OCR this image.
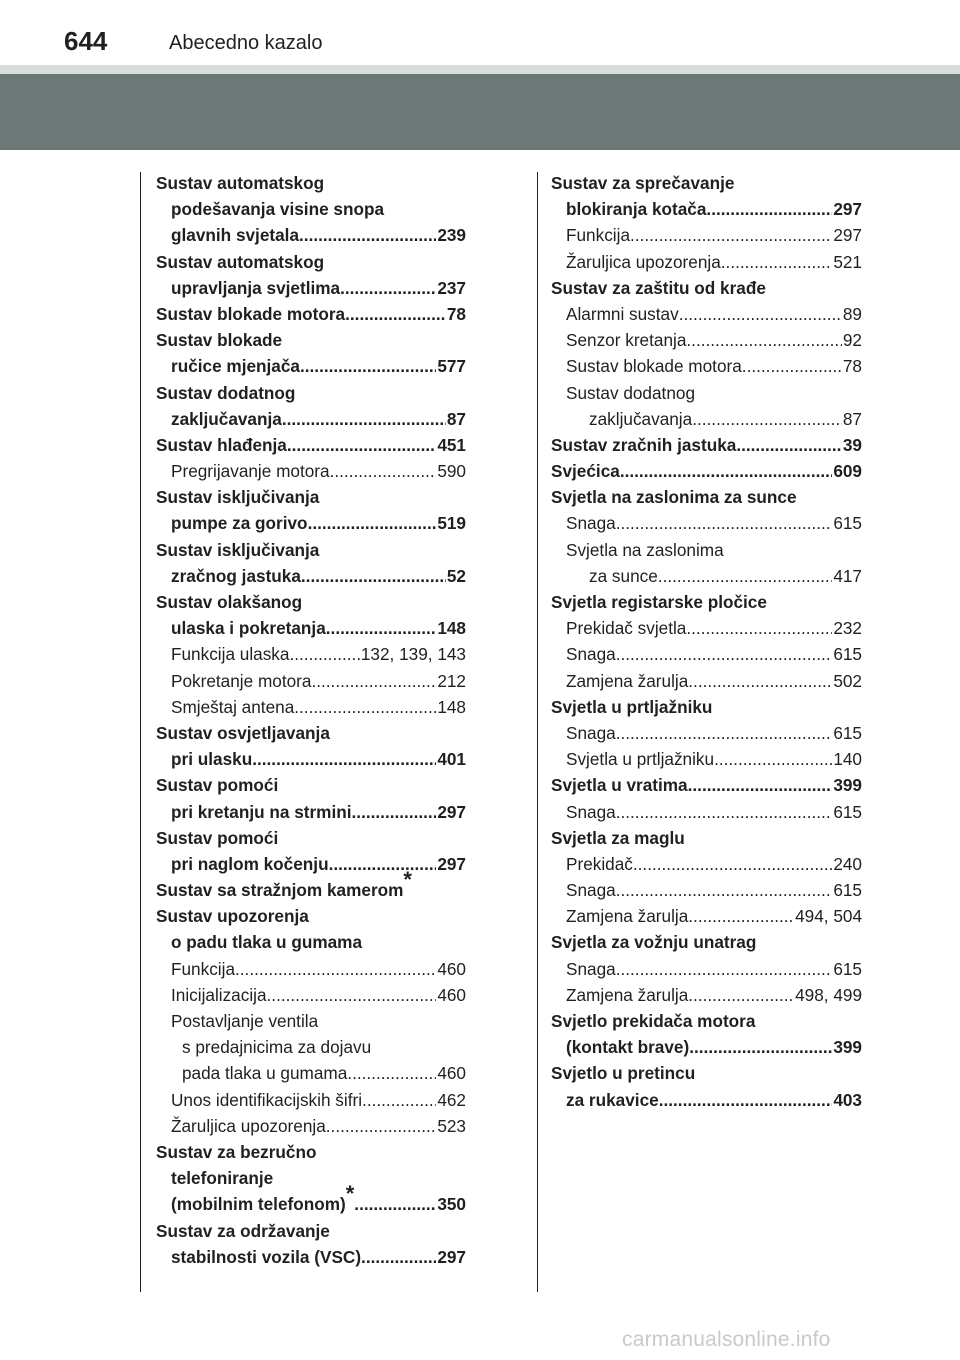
644	Abecedno kazalo
Sustav automatskog
podešavanja visine snopa
glavnih svjetala .....	239
Sustav automatskog
upravljanja svjetlima .....	237
Sustav blokade motora .....	78
Sustav blokade
ručice mjenjača .....	577
Sustav dodatnog
zaključavanja .....	87
Sustav hlađenja .....	451
Pregrijavanje motora .....	590
Sustav isključivanja
pumpe za gorivo .....	519
Sustav isključivanja
zračnog jastuka .....	52
Sustav olakšanog
ulaska i pokretanja .....	148
Funkcija ulaska .....	132, 139, 143
Pokretanje motora .....	212
Smještaj antena .....	148
Sustav osvjetljavanja
pri ulasku .....	401
Sustav pomoći
pri kretanju na strmini .....	297
Sustav pomoći
pri naglom kočenju .....	297
Sustav sa stražnjom kamerom*
Sustav upozorenja
o padu tlaka u gumama
Funkcija .....	460
Inicijalizacija .....	460
Postavljanje ventila
s predajnicima za dojavu
pada tlaka u gumama .....	460
Unos identifikacijskih šifri .....	462
Žaruljica upozorenja .....	523
Sustav za bezručno
telefoniranje
(mobilnim telefonom)* .....	350
Sustav za održavanje
stabilnosti vozila (VSC) .....	297
Sustav za sprečavanje
blokiranja kotača .....	297
Funkcija .....	297
Žaruljica upozorenja .....	521
Sustav za zaštitu od krađe
Alarmni sustav .....	89
Senzor kretanja .....	92
Sustav blokade motora .....	78
Sustav dodatnog
zaključavanja .....	87
Sustav zračnih jastuka .....	39
Svjećica .....	609
Svjetla na zaslonima za sunce
Snaga .....	615
Svjetla na zaslonima
za sunce .....	417
Svjetla registarske pločice
Prekidač svjetla .....	232
Snaga .....	615
Zamjena žarulja .....	502
Svjetla u prtljažniku
Snaga .....	615
Svjetla u prtljažniku .....	140
Svjetla u vratima .....	399
Snaga .....	615
Svjetla za maglu
Prekidač .....	240
Snaga .....	615
Zamjena žarulja .....	494, 504
Svjetla za vožnju unatrag
Snaga .....	615
Zamjena žarulja .....	498, 499
Svjetlo prekidača motora
(kontakt brave) .....	399
Svjetlo u pretincu
za rukavice .....	403
carmanualsonline.info
